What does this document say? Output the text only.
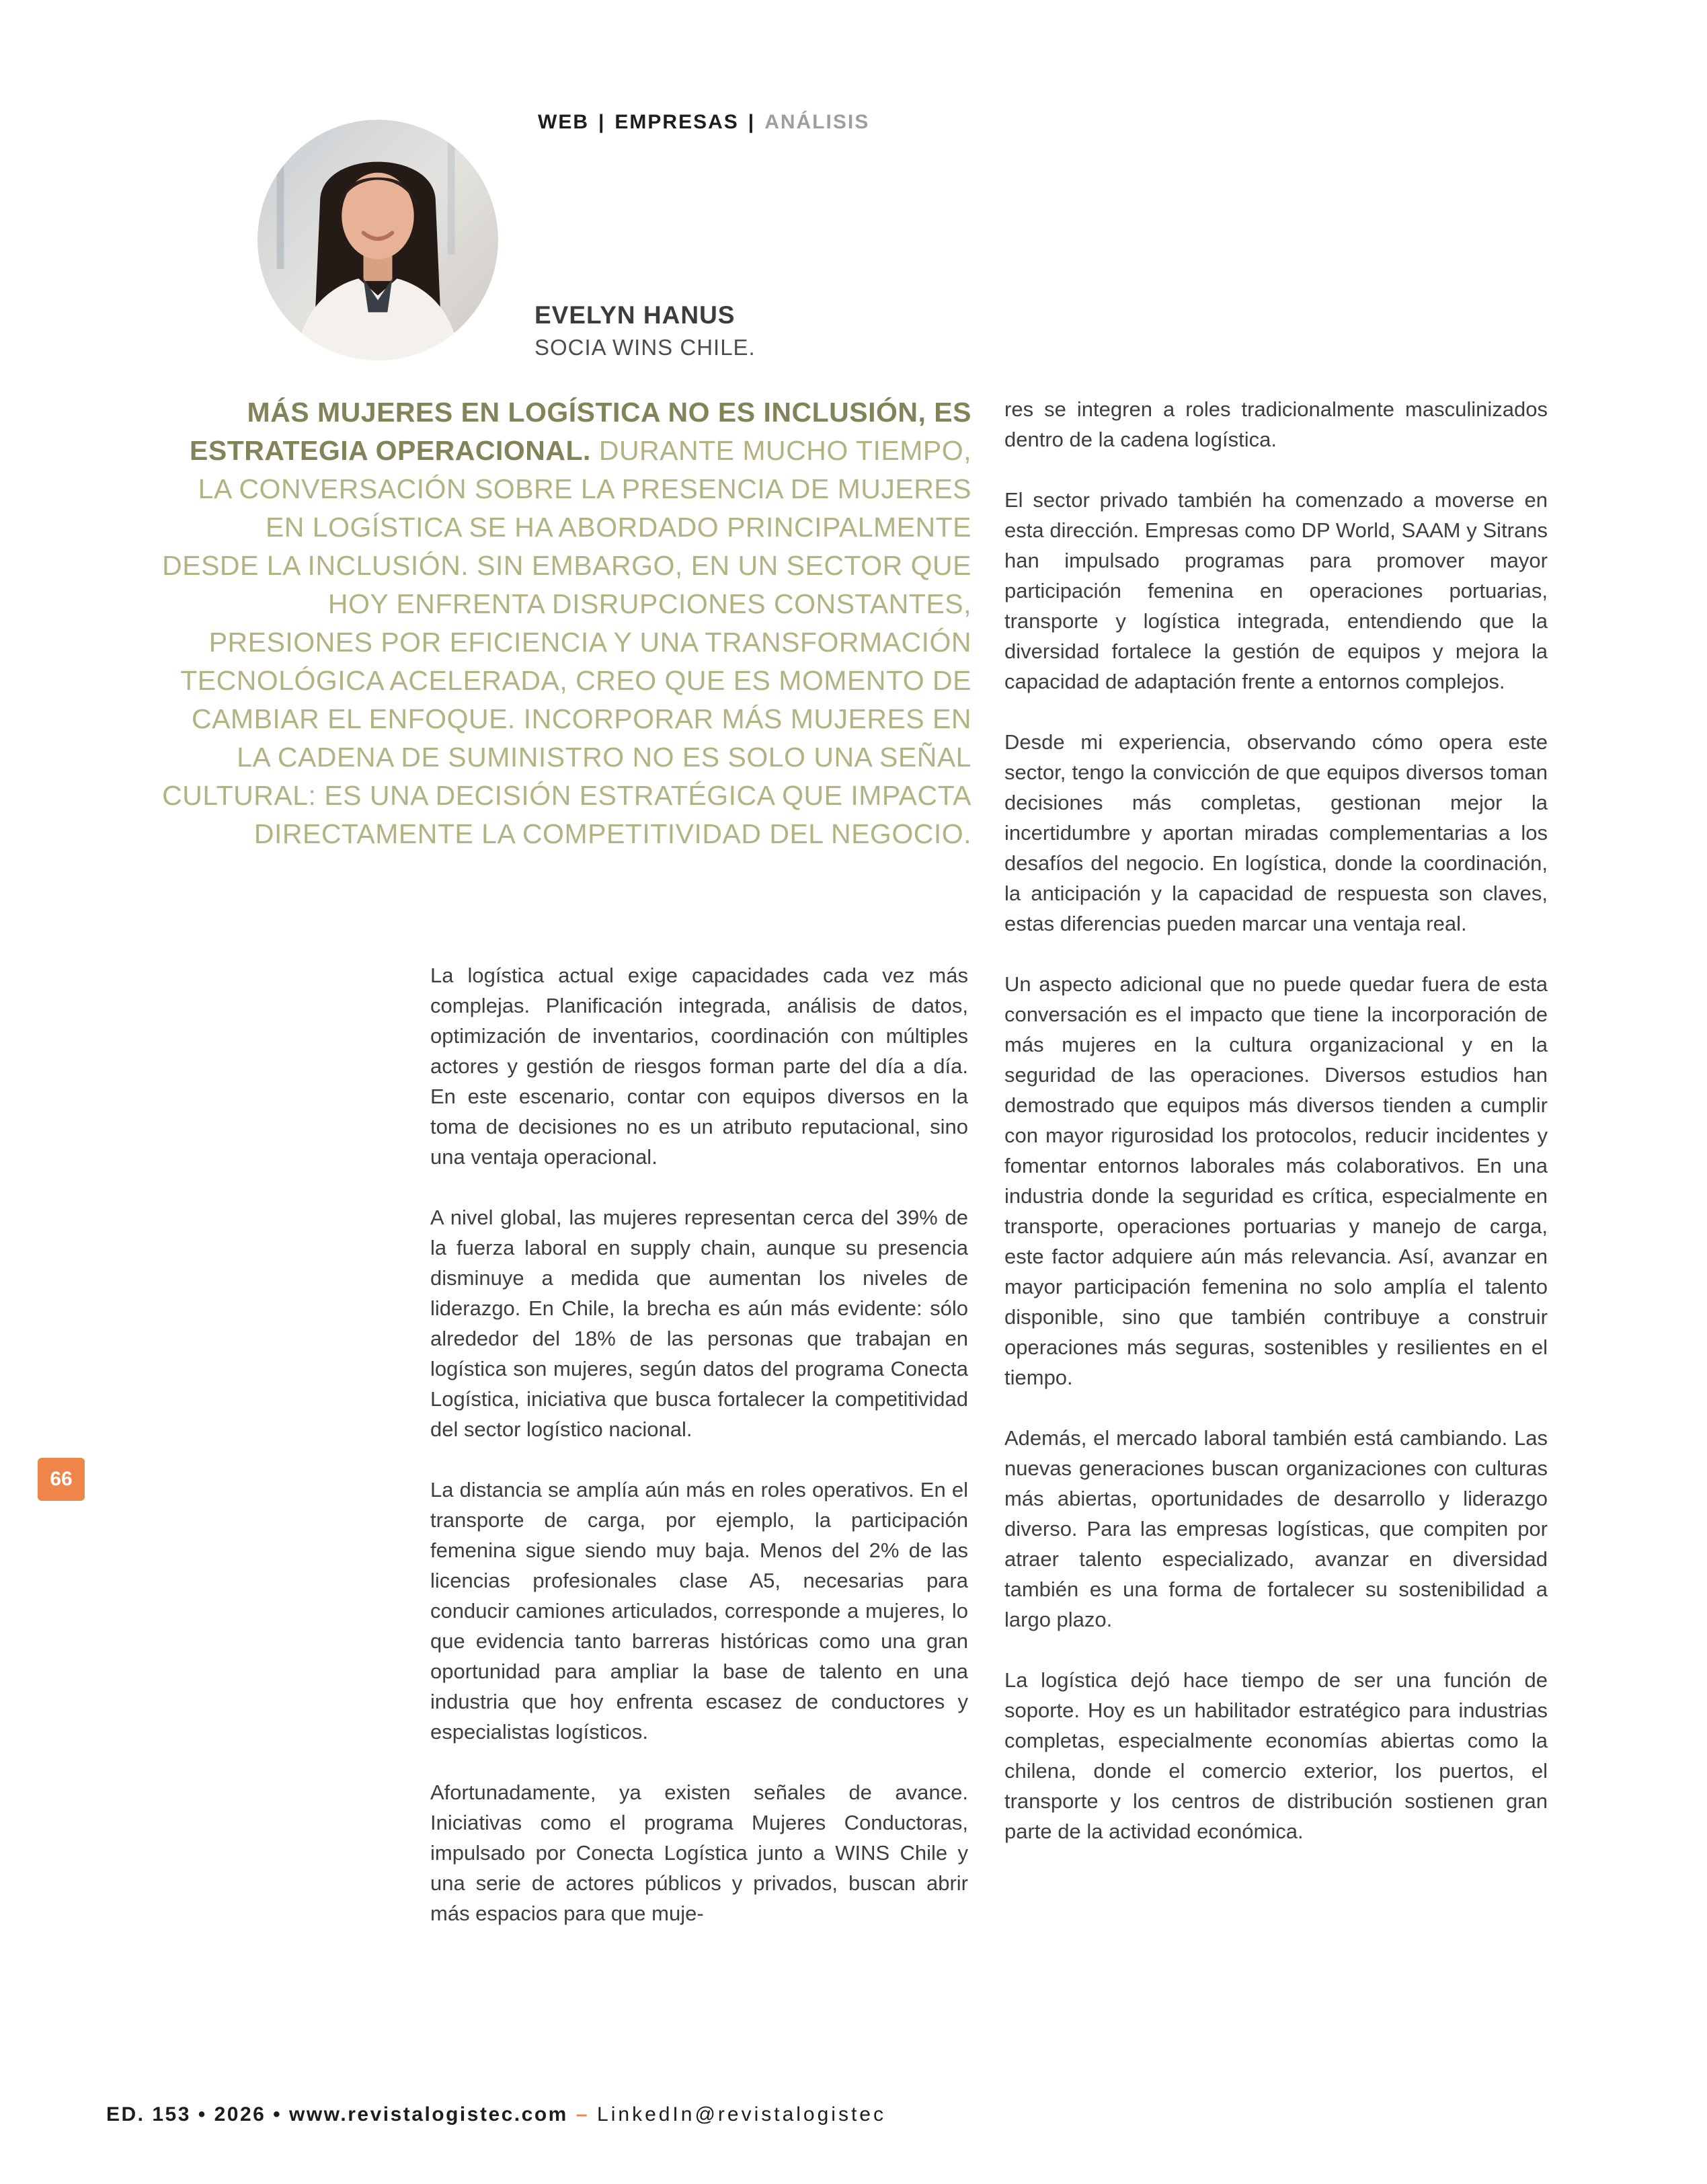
WEB | EMPRESAS | ANÁLISIS
EVELYN HANUS
SOCIA WINS CHILE.

MÁS MUJERES EN LOGÍSTICA NO ES INCLUSIÓN, ES ESTRATEGIA OPERACIONAL. DURANTE MUCHO TIEMPO, LA CONVERSACIÓN SOBRE LA PRESENCIA DE MUJERES EN LOGÍSTICA SE HA ABORDADO PRINCIPALMENTE DESDE LA INCLUSIÓN. SIN EMBARGO, EN UN SECTOR QUE HOY ENFRENTA DISRUPCIONES CONSTANTES, PRESIONES POR EFICIENCIA Y UNA TRANSFORMACIÓN TECNOLÓGICA ACELERADA, CREO QUE ES MOMENTO DE CAMBIAR EL ENFOQUE. INCORPORAR MÁS MUJERES EN LA CADENA DE SUMINISTRO NO ES SOLO UNA SEÑAL CULTURAL: ES UNA DECISIÓN ESTRATÉGICA QUE IMPACTA DIRECTAMENTE LA COMPETITIVIDAD DEL NEGOCIO.

La logística actual exige capacidades cada vez más complejas. Planificación integrada, análisis de datos, optimización de inventarios, coordinación con múltiples actores y gestión de riesgos forman parte del día a día. En este escenario, contar con equipos diversos en la toma de decisiones no es un atributo reputacional, sino una ventaja operacional.

A nivel global, las mujeres representan cerca del 39% de la fuerza laboral en supply chain, aunque su presencia disminuye a medida que aumentan los niveles de liderazgo. En Chile, la brecha es aún más evidente: sólo alrededor del 18% de las personas que trabajan en logística son mujeres, según datos del programa Conecta Logística, iniciativa que busca fortalecer la competitividad del sector logístico nacional.

La distancia se amplía aún más en roles operativos. En el transporte de carga, por ejemplo, la participación femenina sigue siendo muy baja. Menos del 2% de las licencias profesionales clase A5, necesarias para conducir camiones articulados, corresponde a mujeres, lo que evidencia tanto barreras históricas como una gran oportunidad para ampliar la base de talento en una industria que hoy enfrenta escasez de conductores y especialistas logísticos.

Afortunadamente, ya existen señales de avance. Iniciativas como el programa Mujeres Conductoras, impulsado por Conecta Logística junto a WINS Chile y una serie de actores públicos y privados, buscan abrir más espacios para que muje-

res se integren a roles tradicionalmente masculinizados dentro de la cadena logística.

El sector privado también ha comenzado a moverse en esta dirección. Empresas como DP World, SAAM y Sitrans han impulsado programas para promover mayor participación femenina en operaciones portuarias, transporte y logística integrada, entendiendo que la diversidad fortalece la gestión de equipos y mejora la capacidad de adaptación frente a entornos complejos.

Desde mi experiencia, observando cómo opera este sector, tengo la convicción de que equipos diversos toman decisiones más completas, gestionan mejor la incertidumbre y aportan miradas complementarias a los desafíos del negocio. En logística, donde la coordinación, la anticipación y la capacidad de respuesta son claves, estas diferencias pueden marcar una ventaja real.

Un aspecto adicional que no puede quedar fuera de esta conversación es el impacto que tiene la incorporación de más mujeres en la cultura organizacional y en la seguridad de las operaciones. Diversos estudios han demostrado que equipos más diversos tienden a cumplir con mayor rigurosidad los protocolos, reducir incidentes y fomentar entornos laborales más colaborativos. En una industria donde la seguridad es crítica, especialmente en transporte, operaciones portuarias y manejo de carga, este factor adquiere aún más relevancia. Así, avanzar en mayor participación femenina no solo amplía el talento disponible, sino que también contribuye a construir operaciones más seguras, sostenibles y resilientes en el tiempo.

Además, el mercado laboral también está cambiando. Las nuevas generaciones buscan organizaciones con culturas más abiertas, oportunidades de desarrollo y liderazgo diverso. Para las empresas logísticas, que compiten por atraer talento especializado, avanzar en diversidad también es una forma de fortalecer su sostenibilidad a largo plazo.

La logística dejó hace tiempo de ser una función de soporte. Hoy es un habilitador estratégico para industrias completas, especialmente economías abiertas como la chilena, donde el comercio exterior, los puertos, el transporte y los centros de distribución sostienen gran parte de la actividad económica.

66
ED. 153 • 2026 • www.revistalogistec.com – LinkedIn@revistalogistec
